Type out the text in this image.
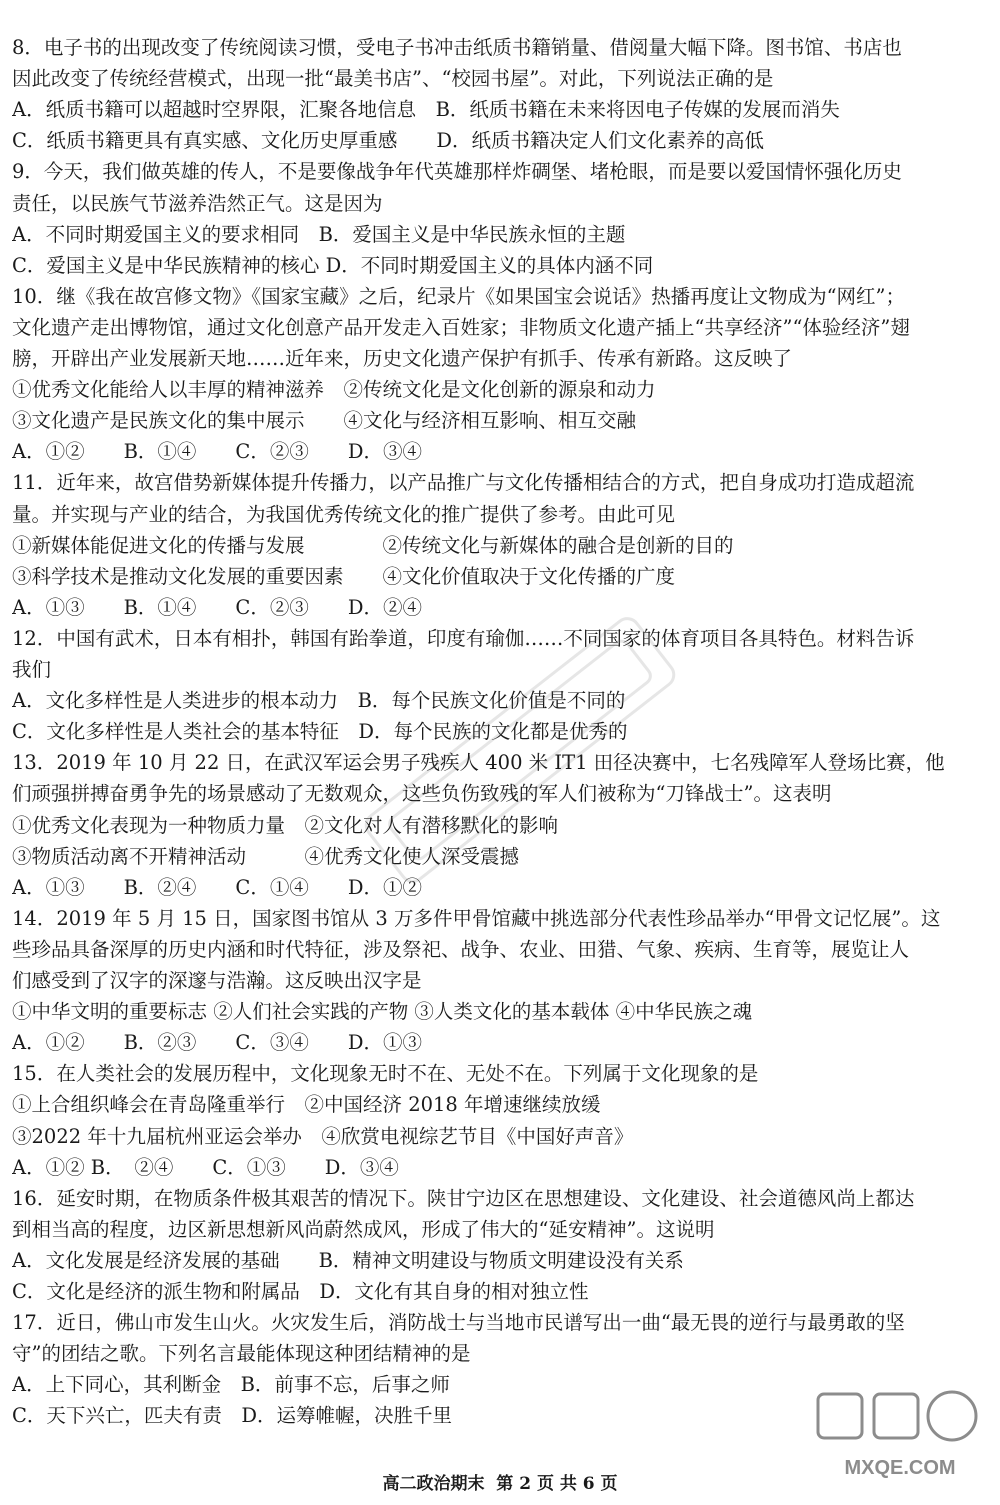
8．电子书的出现改变了传统阅读习惯，受电子书冲击纸质书籍销量、借阅量大幅下降。图书馆、书店也
因此改变了传统经营模式，出现一批“最美书店”、“校园书屋”。对此，下列说法正确的是
A．纸质书籍可以超越时空界限，汇聚各地信息　B．纸质书籍在未来将因电子传媒的发展而消失
C．纸质书籍更具有真实感、文化历史厚重感　　D．纸质书籍决定人们文化素养的高低
9．今天，我们做英雄的传人，不是要像战争年代英雄那样炸碉堡、堵枪眼，而是要以爱国情怀强化历史
责任，以民族气节滋养浩然正气。这是因为
A．不同时期爱国主义的要求相同　B．爱国主义是中华民族永恒的主题
C．爱国主义是中华民族精神的核心 D．不同时期爱国主义的具体内涵不同
10．继《我在故宫修文物》《国家宝藏》之后，纪录片《如果国宝会说话》热播再度让文物成为“网红”；
文化遗产走出博物馆，通过文化创意产品开发走入百姓家；非物质文化遗产插上“共享经济”“体验经济”翅
膀，开辟出产业发展新天地……近年来，历史文化遗产保护有抓手、传承有新路。这反映了
①优秀文化能给人以丰厚的精神滋养　②传统文化是文化创新的源泉和动力
③文化遗产是民族文化的集中展示　　④文化与经济相互影响、相互交融
A．①②　　B．①④　　C．②③　　D．③④
11．近年来，故宫借势新媒体提升传播力，以产品推广与文化传播相结合的方式，把自身成功打造成超流
量。并实现与产业的结合，为我国优秀传统文化的推广提供了参考。由此可见
①新媒体能促进文化的传播与发展　　　　②传统文化与新媒体的融合是创新的目的
③科学技术是推动文化发展的重要因素　　④文化价值取决于文化传播的广度
A．①③　　B．①④　　C．②③　　D．②④
12．中国有武术，日本有相扑，韩国有跆拳道，印度有瑜伽……不同国家的体育项目各具特色。材料告诉
我们
A．文化多样性是人类进步的根本动力　B．每个民族文化价值是不同的
C．文化多样性是人类社会的基本特征　D．每个民族的文化都是优秀的
13．2019 年 10 月 22 日，在武汉军运会男子残疾人 400 米 IT1 田径决赛中，七名残障军人登场比赛，他
们顽强拼搏奋勇争先的场景感动了无数观众，这些负伤致残的军人们被称为“刀锋战士”。这表明
①优秀文化表现为一种物质力量　②文化对人有潜移默化的影响
③物质活动离不开精神活动　　　④优秀文化使人深受震撼
A．①③　　B．②④　　C．①④　　D．①②
14．2019 年 5 月 15 日，国家图书馆从 3 万多件甲骨馆藏中挑选部分代表性珍品举办“甲骨文记忆展”。这
些珍品具备深厚的历史内涵和时代特征，涉及祭祀、战争、农业、田猎、气象、疾病、生育等，展览让人
们感受到了汉字的深邃与浩瀚。这反映出汉字是
①中华文明的重要标志 ②人们社会实践的产物 ③人类文化的基本载体 ④中华民族之魂
A．①②　　B．②③　　C．③④　　D．①③
15．在人类社会的发展历程中，文化现象无时不在、无处不在。下列属于文化现象的是
①上合组织峰会在青岛隆重举行　②中国经济 2018 年增速继续放缓
③2022 年十九届杭州亚运会举办　④欣赏电视综艺节目《中国好声音》
A．①② B．　②④　　C．①③　　D．③④
16．延安时期，在物质条件极其艰苦的情况下。陕甘宁边区在思想建设、文化建设、社会道德风尚上都达
到相当高的程度，边区新思想新风尚蔚然成风，形成了伟大的“延安精神”。这说明
A．文化发展是经济发展的基础　　B．精神文明建设与物质文明建设没有关系
C．文化是经济的派生物和附属品　D．文化有其自身的相对独立性
17．近日，佛山市发生山火。火灾发生后，消防战士与当地市民谱写出一曲“最无畏的逆行与最勇敢的坚
守”的团结之歌。下列名言最能体现这种团结精神的是
A．上下同心，其利断金　B．前事不忘，后事之师
C．天下兴亡，匹夫有责　D．运筹帷幄，决胜千里
MXQE.COM
高二政治期末 第 2 页 共 6 页
